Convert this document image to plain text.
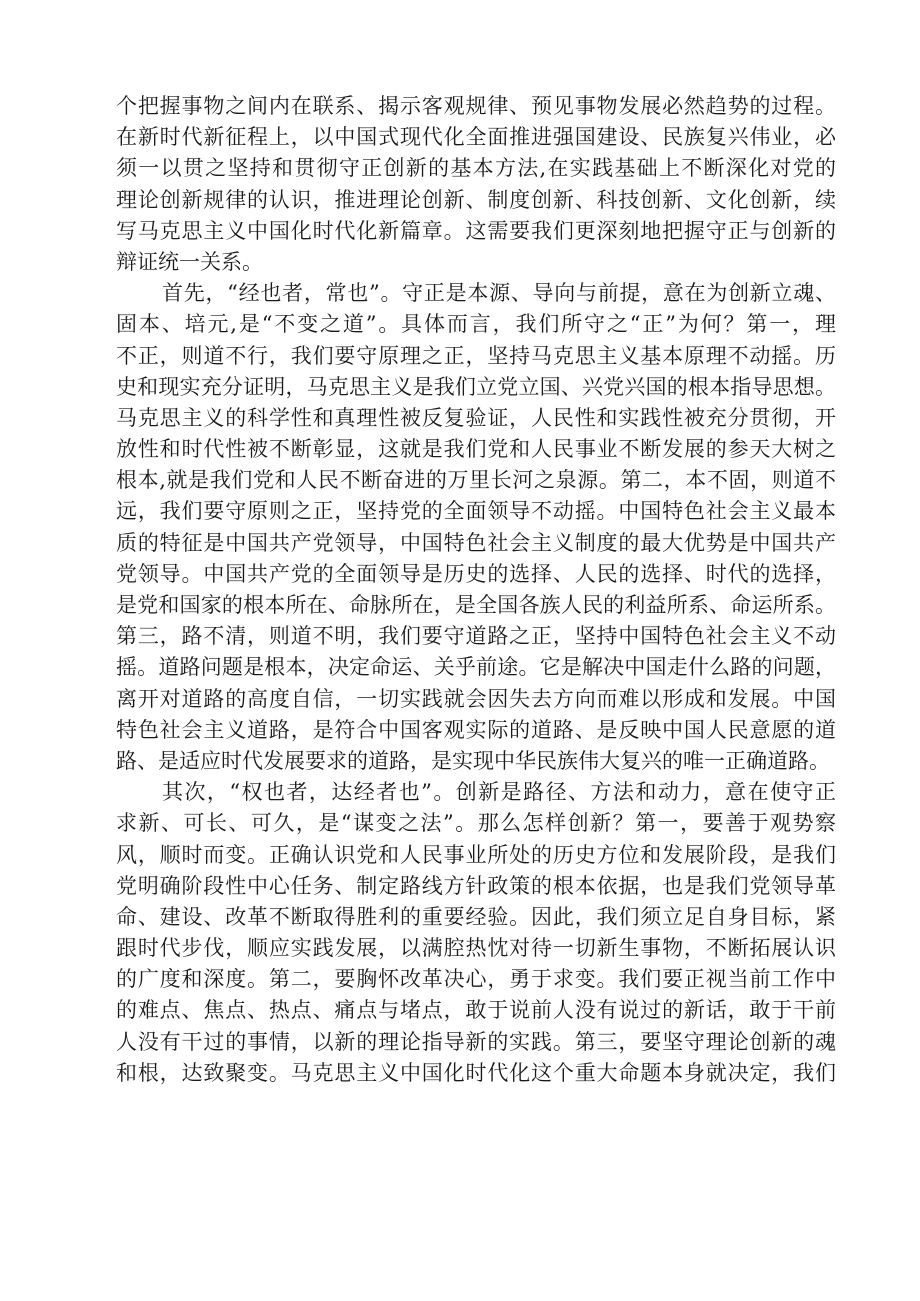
个把握事物之间内在联系、揭示客观规律、预见事物发展必然趋势的过程。
在新时代新征程上，以中国式现代化全面推进强国建设、民族复兴伟业，必
须一以贯之坚持和贯彻守正创新的基本方法,在实践基础上不断深化对党的
理论创新规律的认识，推进理论创新、制度创新、科技创新、文化创新，续
写马克思主义中国化时代化新篇章。这需要我们更深刻地把握守正与创新的
辩证统一关系。
首先，“经也者，常也”。守正是本源、导向与前提，意在为创新立魂、
固本、培元,是“不变之道”。具体而言，我们所守之“正”为何？第一，理
不正，则道不行，我们要守原理之正，坚持马克思主义基本原理不动摇。历
史和现实充分证明，马克思主义是我们立党立国、兴党兴国的根本指导思想。
马克思主义的科学性和真理性被反复验证，人民性和实践性被充分贯彻，开
放性和时代性被不断彰显，这就是我们党和人民事业不断发展的参天大树之
根本,就是我们党和人民不断奋进的万里长河之泉源。第二，本不固，则道不
远，我们要守原则之正，坚持党的全面领导不动摇。中国特色社会主义最本
质的特征是中国共产党领导，中国特色社会主义制度的最大优势是中国共产
党领导。中国共产党的全面领导是历史的选择、人民的选择、时代的选择，
是党和国家的根本所在、命脉所在，是全国各族人民的利益所系、命运所系。
第三，路不清，则道不明，我们要守道路之正，坚持中国特色社会主义不动
摇。道路问题是根本，决定命运、关乎前途。它是解决中国走什么路的问题，
离开对道路的高度自信，一切实践就会因失去方向而难以形成和发展。中国
特色社会主义道路，是符合中国客观实际的道路、是反映中国人民意愿的道
路、是适应时代发展要求的道路，是实现中华民族伟大复兴的唯一正确道路。
其次，“权也者，达经者也”。创新是路径、方法和动力，意在使守正
求新、可长、可久，是“谋变之法”。那么怎样创新？第一，要善于观势察
风，顺时而变。正确认识党和人民事业所处的历史方位和发展阶段，是我们
党明确阶段性中心任务、制定路线方针政策的根本依据，也是我们党领导革
命、建设、改革不断取得胜利的重要经验。因此，我们须立足自身目标，紧
跟时代步伐，顺应实践发展，以满腔热忱对待一切新生事物，不断拓展认识
的广度和深度。第二，要胸怀改革决心，勇于求变。我们要正视当前工作中
的难点、焦点、热点、痛点与堵点，敢于说前人没有说过的新话，敢于干前
人没有干过的事情，以新的理论指导新的实践。第三，要坚守理论创新的魂
和根，达致聚变。马克思主义中国化时代化这个重大命题本身就决定，我们
